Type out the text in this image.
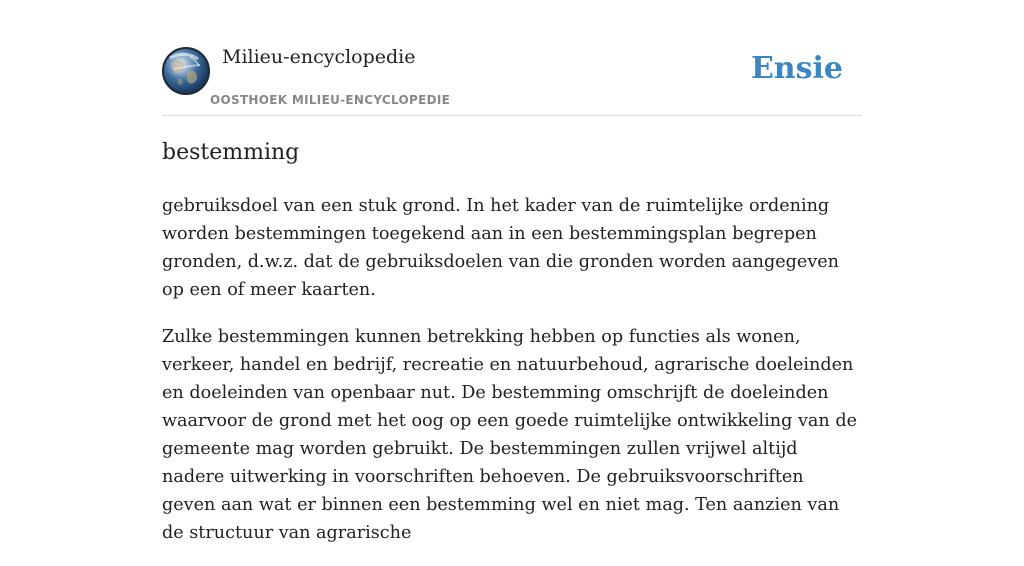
Milieu-encyclopedie
OOSTHOEK MILIEU-ENCYCLOPEDIE
Ensie
bestemming

gebruiksdoel van een stuk grond. In het kader van de ruimtelijke ordening worden bestemmingen toegekend aan in een bestemmingsplan begrepen gronden, d.w.z. dat de gebruiksdoelen van die gronden worden aangegeven op een of meer kaarten.

Zulke bestemmingen kunnen betrekking hebben op functies als wonen, verkeer, handel en bedrijf, recreatie en natuurbehoud, agrarische doeleinden en doeleinden van openbaar nut. De bestemming omschrijft de doeleinden waarvoor de grond met het oog op een goede ruimtelijke ontwikkeling van de gemeente mag worden gebruikt. De bestemmingen zullen vrijwel altijd nadere uitwerking in voorschriften behoeven. De gebruiksvoorschriften geven aan wat er binnen een bestemming wel en niet mag. Ten aanzien van de structuur van agrarische
